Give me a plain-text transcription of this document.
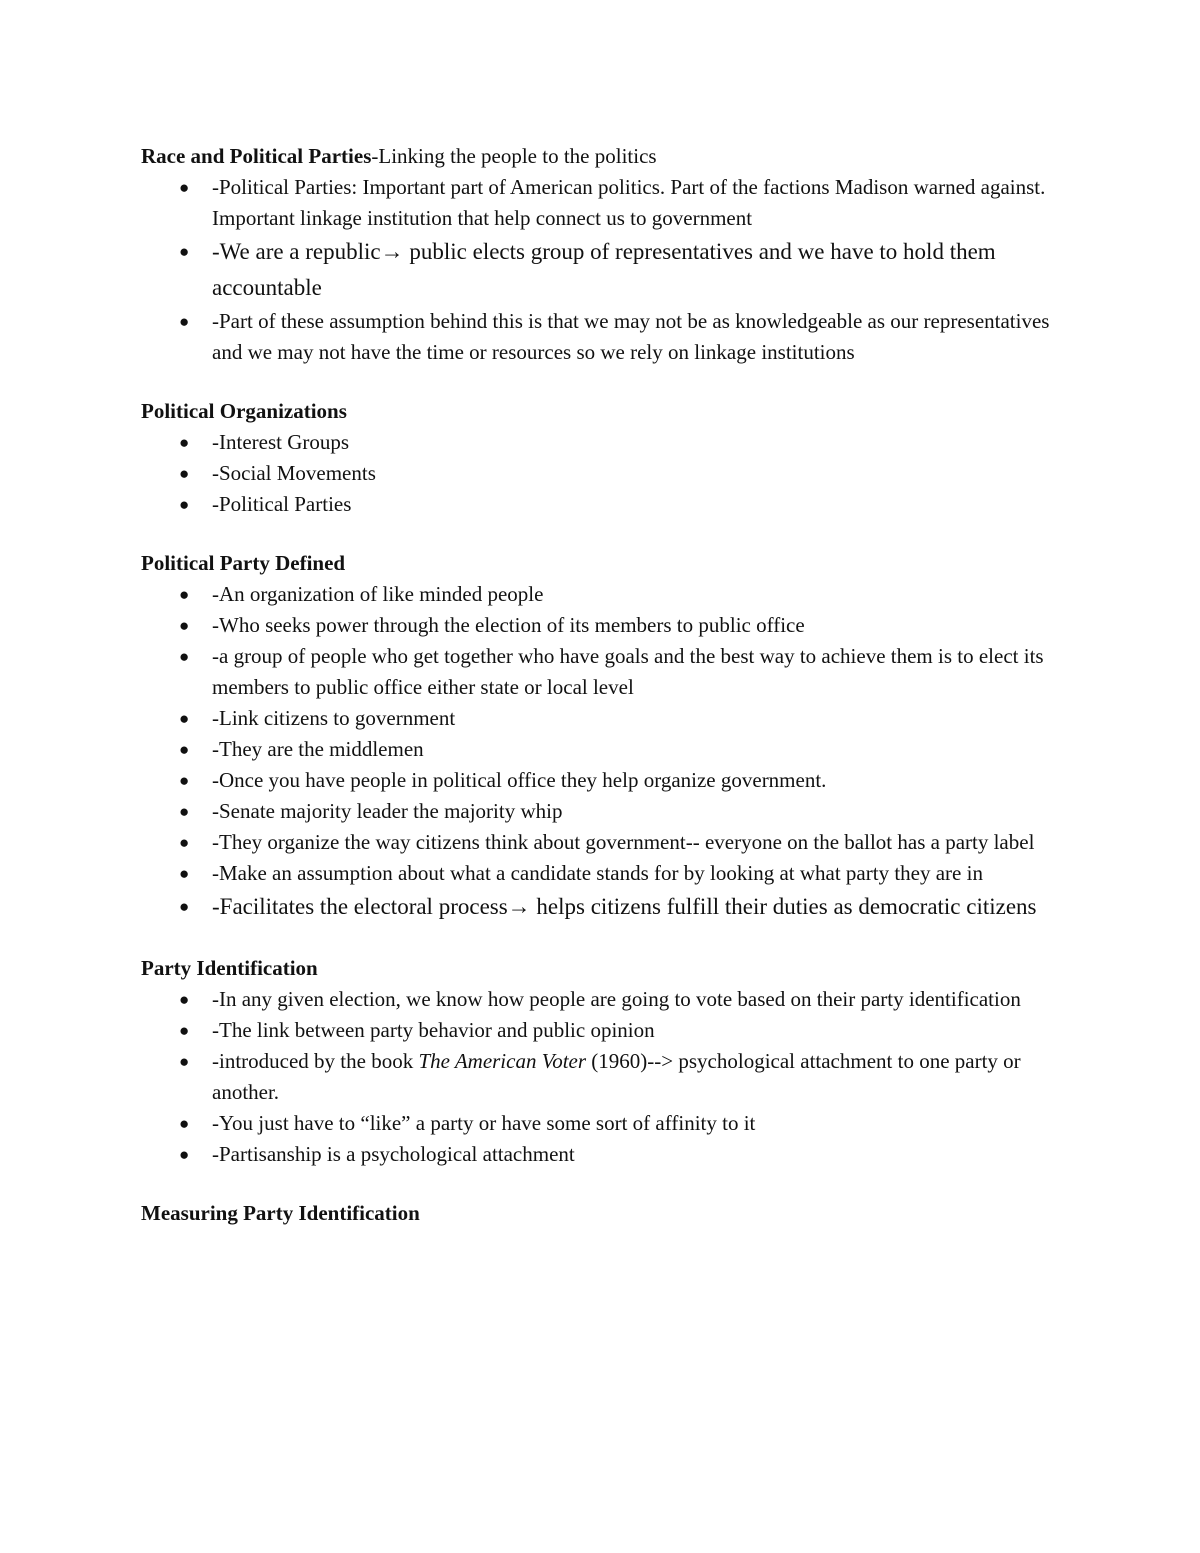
Race and Political Parties-Linking the people to the politics

● -Political Parties: Important part of American politics. Part of the factions Madison warned against. Important linkage institution that help connect us to government
● -We are a republic→ public elects group of representatives and we have to hold them accountable
● -Part of these assumption behind this is that we may not be as knowledgeable as our representatives and we may not have the time or resources so we rely on linkage institutions

Political Organizations

● -Interest Groups
● -Social Movements
● -Political Parties

Political Party Defined

● -An organization of like minded people
● -Who seeks power through the election of its members to public office
● -a group of people who get together who have goals and the best way to achieve them is to elect its members to public office either state or local level
● -Link citizens to government
● -They are the middlemen
● -Once you have people in political office they help organize government.
● -Senate majority leader the majority whip
● -They organize the way citizens think about government-- everyone on the ballot has a party label
● -Make an assumption about what a candidate stands for by looking at what party they are in
● -Facilitates the electoral process→ helps citizens fulfill their duties as democratic citizens

Party Identification

● -In any given election, we know how people are going to vote based on their party identification
● -The link between party behavior and public opinion
● -introduced by the book The American Voter (1960)--> psychological attachment to one party or another.
● -You just have to “like” a party or have some sort of affinity to it
● -Partisanship is a psychological attachment

Measuring Party Identification
